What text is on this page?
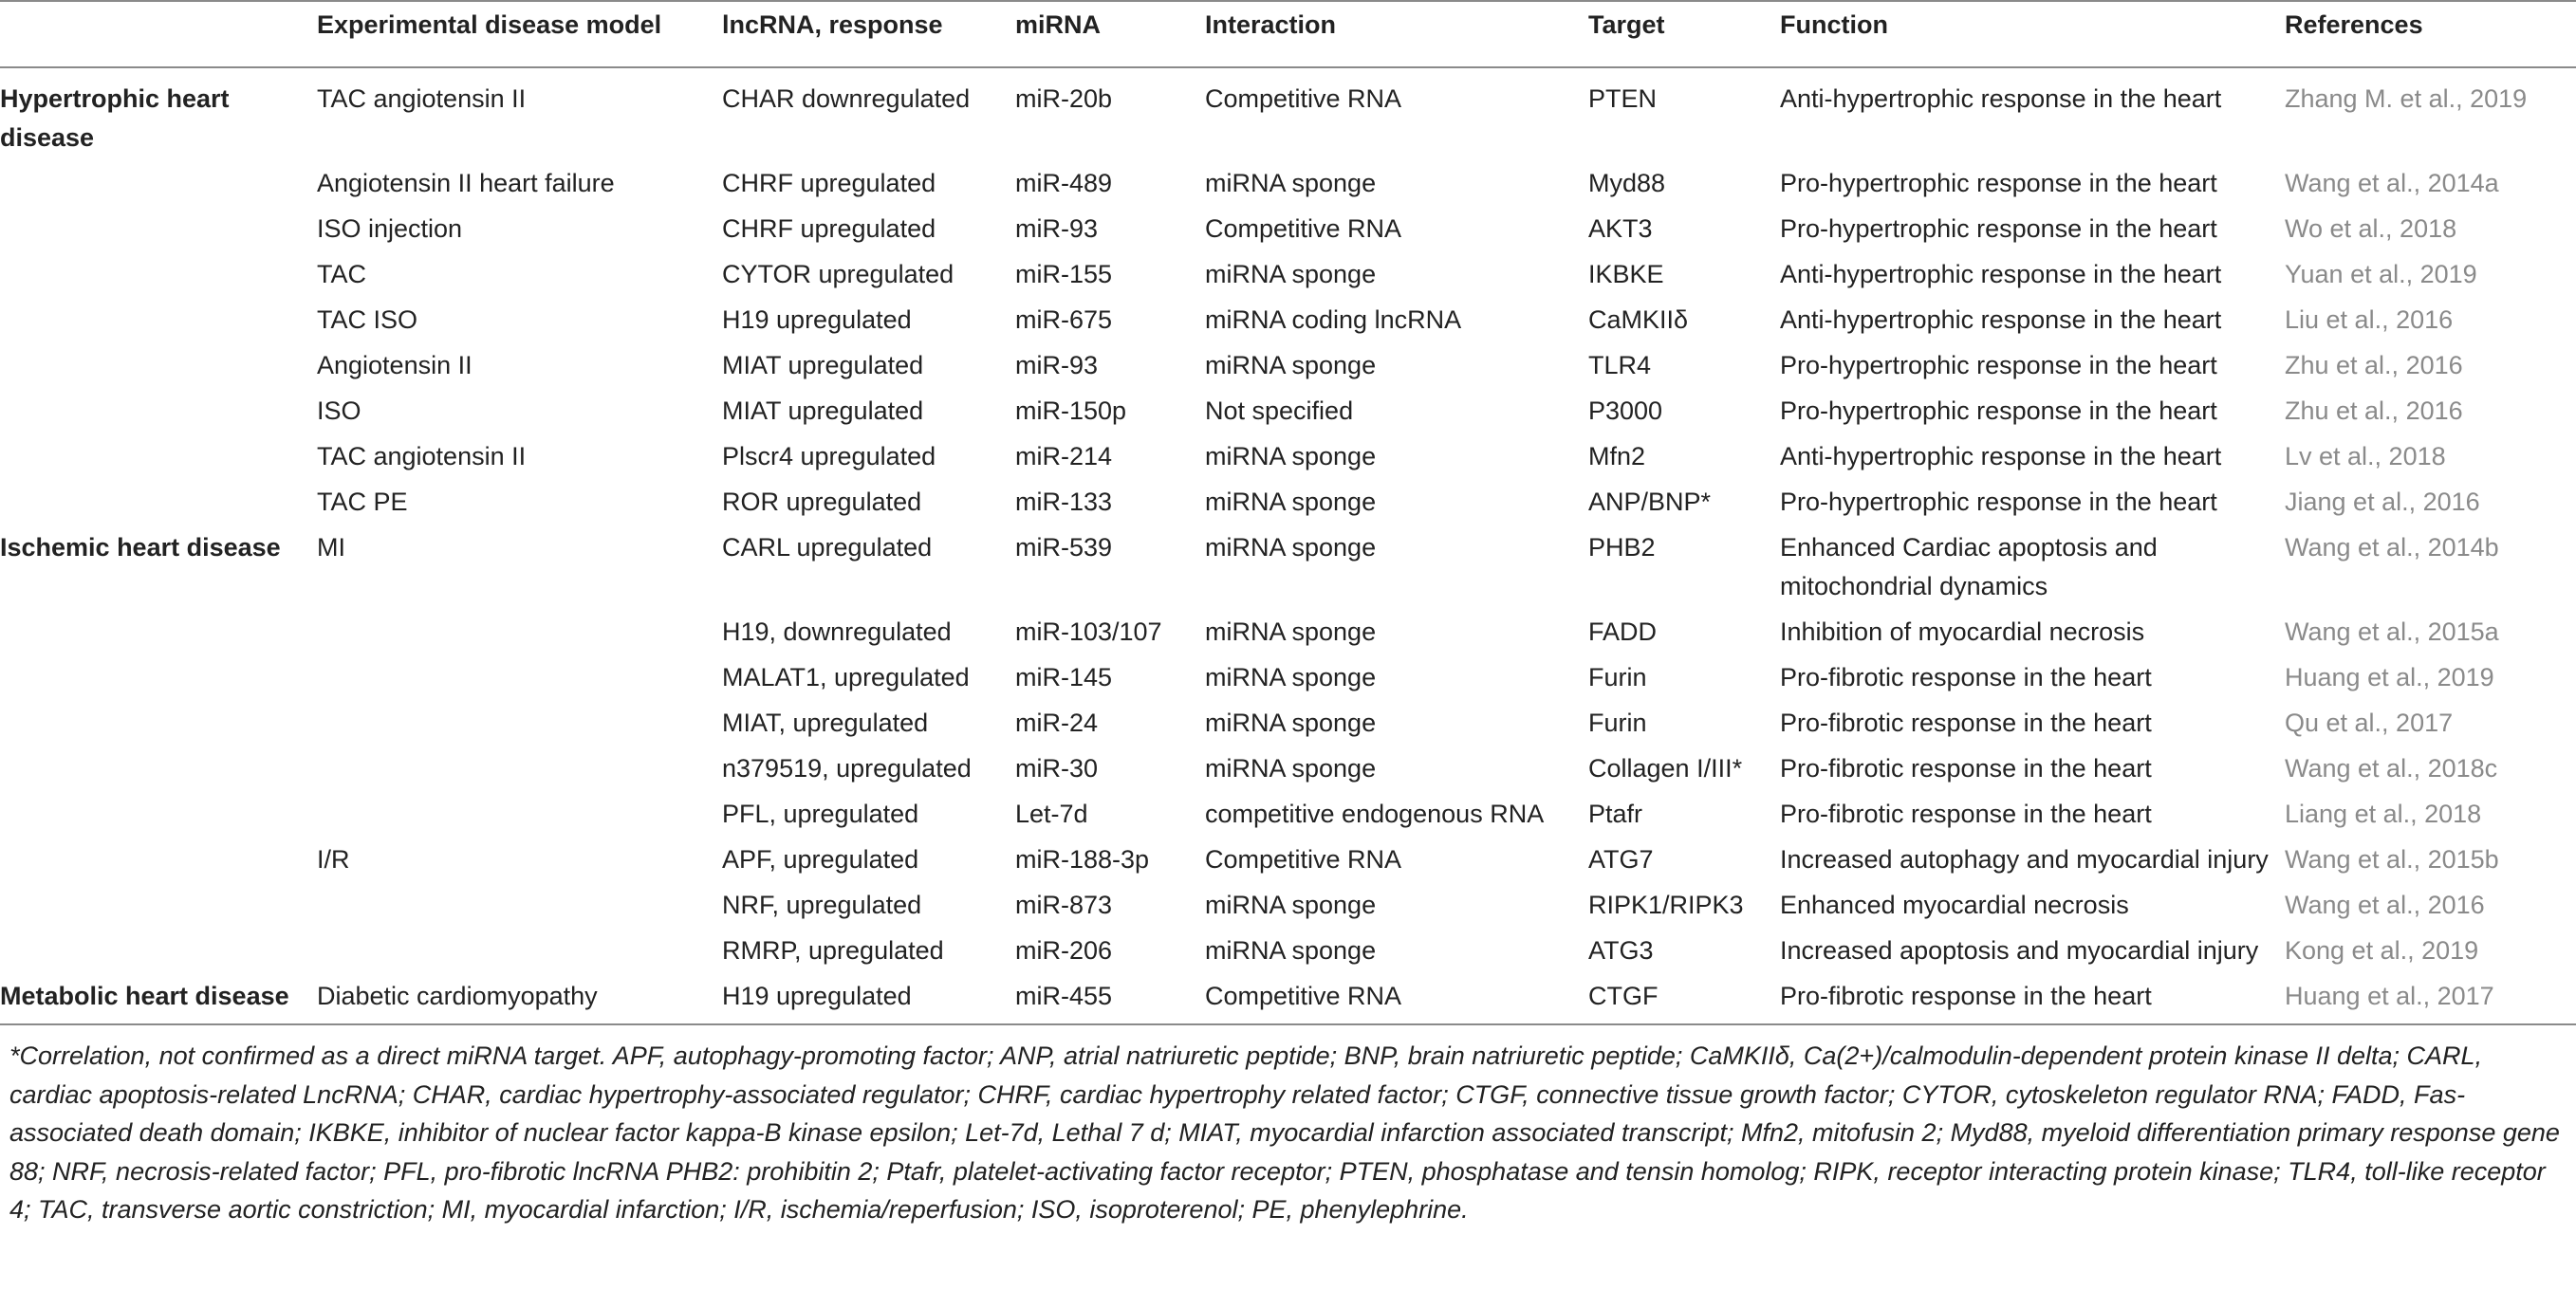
	Experimental disease model	lncRNA, response	miRNA	Interaction	Target	Function	References
Hypertrophic heart disease	TAC angiotensin II	CHAR downregulated	miR-20b	Competitive RNA	PTEN	Anti-hypertrophic response in the heart	Zhang M. et al., 2019
	Angiotensin II heart failure	CHRF upregulated	miR-489	miRNA sponge	Myd88	Pro-hypertrophic response in the heart	Wang et al., 2014a
	ISO injection	CHRF upregulated	miR-93	Competitive RNA	AKT3	Pro-hypertrophic response in the heart	Wo et al., 2018
	TAC	CYTOR upregulated	miR-155	miRNA sponge	IKBKE	Anti-hypertrophic response in the heart	Yuan et al., 2019
	TAC ISO	H19 upregulated	miR-675	miRNA coding lncRNA	CaMKIIδ	Anti-hypertrophic response in the heart	Liu et al., 2016
	Angiotensin II	MIAT upregulated	miR-93	miRNA sponge	TLR4	Pro-hypertrophic response in the heart	Zhu et al., 2016
	ISO	MIAT upregulated	miR-150p	Not specified	P3000	Pro-hypertrophic response in the heart	Zhu et al., 2016
	TAC angiotensin II	Plscr4 upregulated	miR-214	miRNA sponge	Mfn2	Anti-hypertrophic response in the heart	Lv et al., 2018
	TAC PE	ROR upregulated	miR-133	miRNA sponge	ANP/BNP*	Pro-hypertrophic response in the heart	Jiang et al., 2016
Ischemic heart disease	MI	CARL upregulated	miR-539	miRNA sponge	PHB2	Enhanced Cardiac apoptosis and mitochondrial dynamics	Wang et al., 2014b
		H19, downregulated	miR-103/107	miRNA sponge	FADD	Inhibition of myocardial necrosis	Wang et al., 2015a
		MALAT1, upregulated	miR-145	miRNA sponge	Furin	Pro-fibrotic response in the heart	Huang et al., 2019
		MIAT, upregulated	miR-24	miRNA sponge	Furin	Pro-fibrotic response in the heart	Qu et al., 2017
		n379519, upregulated	miR-30	miRNA sponge	Collagen I/III*	Pro-fibrotic response in the heart	Wang et al., 2018c
		PFL, upregulated	Let-7d	competitive endogenous RNA	Ptafr	Pro-fibrotic response in the heart	Liang et al., 2018
	I/R	APF, upregulated	miR-188-3p	Competitive RNA	ATG7	Increased autophagy and myocardial injury	Wang et al., 2015b
		NRF, upregulated	miR-873	miRNA sponge	RIPK1/RIPK3	Enhanced myocardial necrosis	Wang et al., 2016
		RMRP, upregulated	miR-206	miRNA sponge	ATG3	Increased apoptosis and myocardial injury	Kong et al., 2019
Metabolic heart disease	Diabetic cardiomyopathy	H19 upregulated	miR-455	Competitive RNA	CTGF	Pro-fibrotic response in the heart	Huang et al., 2017
*Correlation, not confirmed as a direct miRNA target. APF, autophagy-promoting factor; ANP, atrial natriuretic peptide; BNP, brain natriuretic peptide; CaMKIIδ, Ca(2+)/calmodulin-dependent protein kinase II delta; CARL, cardiac apoptosis-related LncRNA; CHAR, cardiac hypertrophy-associated regulator; CHRF, cardiac hypertrophy related factor; CTGF, connective tissue growth factor; CYTOR, cytoskeleton regulator RNA; FADD, Fas-associated death domain; IKBKE, inhibitor of nuclear factor kappa-B kinase epsilon; Let-7d, Lethal 7 d; MIAT, myocardial infarction associated transcript; Mfn2, mitofusin 2; Myd88, myeloid differentiation primary response gene 88; NRF, necrosis-related factor; PFL, pro-fibrotic lncRNA PHB2: prohibitin 2; Ptafr, platelet-activating factor receptor; PTEN, phosphatase and tensin homolog; RIPK, receptor interacting protein kinase; TLR4, toll-like receptor 4; TAC, transverse aortic constriction; MI, myocardial infarction; I/R, ischemia/reperfusion; ISO, isoproterenol; PE, phenylephrine.
